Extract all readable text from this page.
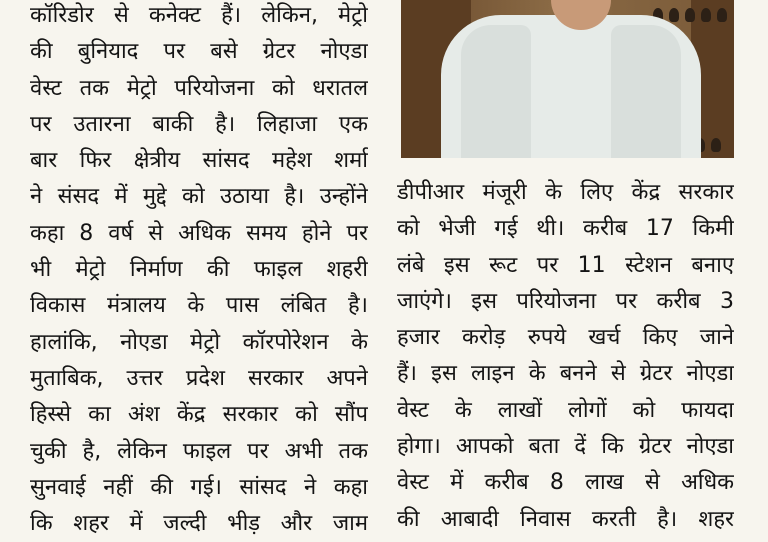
कॉरिडोर से कनेक्ट हैं। लेकिन, मेट्रो
की बुनियाद पर बसे ग्रेटर नोएडा
वेस्ट तक मेट्रो परियोजना को धरातल
पर उतारना बाकी है। लिहाजा एक
बार फिर क्षेत्रीय सांसद महेश शर्मा
ने संसद में मुद्दे को उठाया है। उन्होंने
कहा 8 वर्ष से अधिक समय होने पर
भी मेट्रो निर्माण की फाइल शहरी
विकास मंत्रालय के पास लंबित है।
हालांकि, नोएडा मेट्रो कॉरपोरेशन के
मुताबिक, उत्तर प्रदेश सरकार अपने
हिस्से का अंश केंद्र सरकार को सौंप
चुकी है, लेकिन फाइल पर अभी तक
सुनवाई नहीं की गई। सांसद ने कहा
कि शहर में जल्दी भीड़ और जाम
डीपीआर मंजूरी के लिए केंद्र सरकार
को भेजी गई थी। करीब 17 किमी
लंबे इस रूट पर 11 स्टेशन बनाए
जाएंगे। इस परियोजना पर करीब 3
हजार करोड़ रुपये खर्च किए जाने
हैं। इस लाइन के बनने से ग्रेटर नोएडा
वेस्ट के लाखों लोगों को फायदा
होगा। आपको बता दें कि ग्रेटर नोएडा
वेस्ट में करीब 8 लाख से अधिक
की आबादी निवास करती है। शहर
